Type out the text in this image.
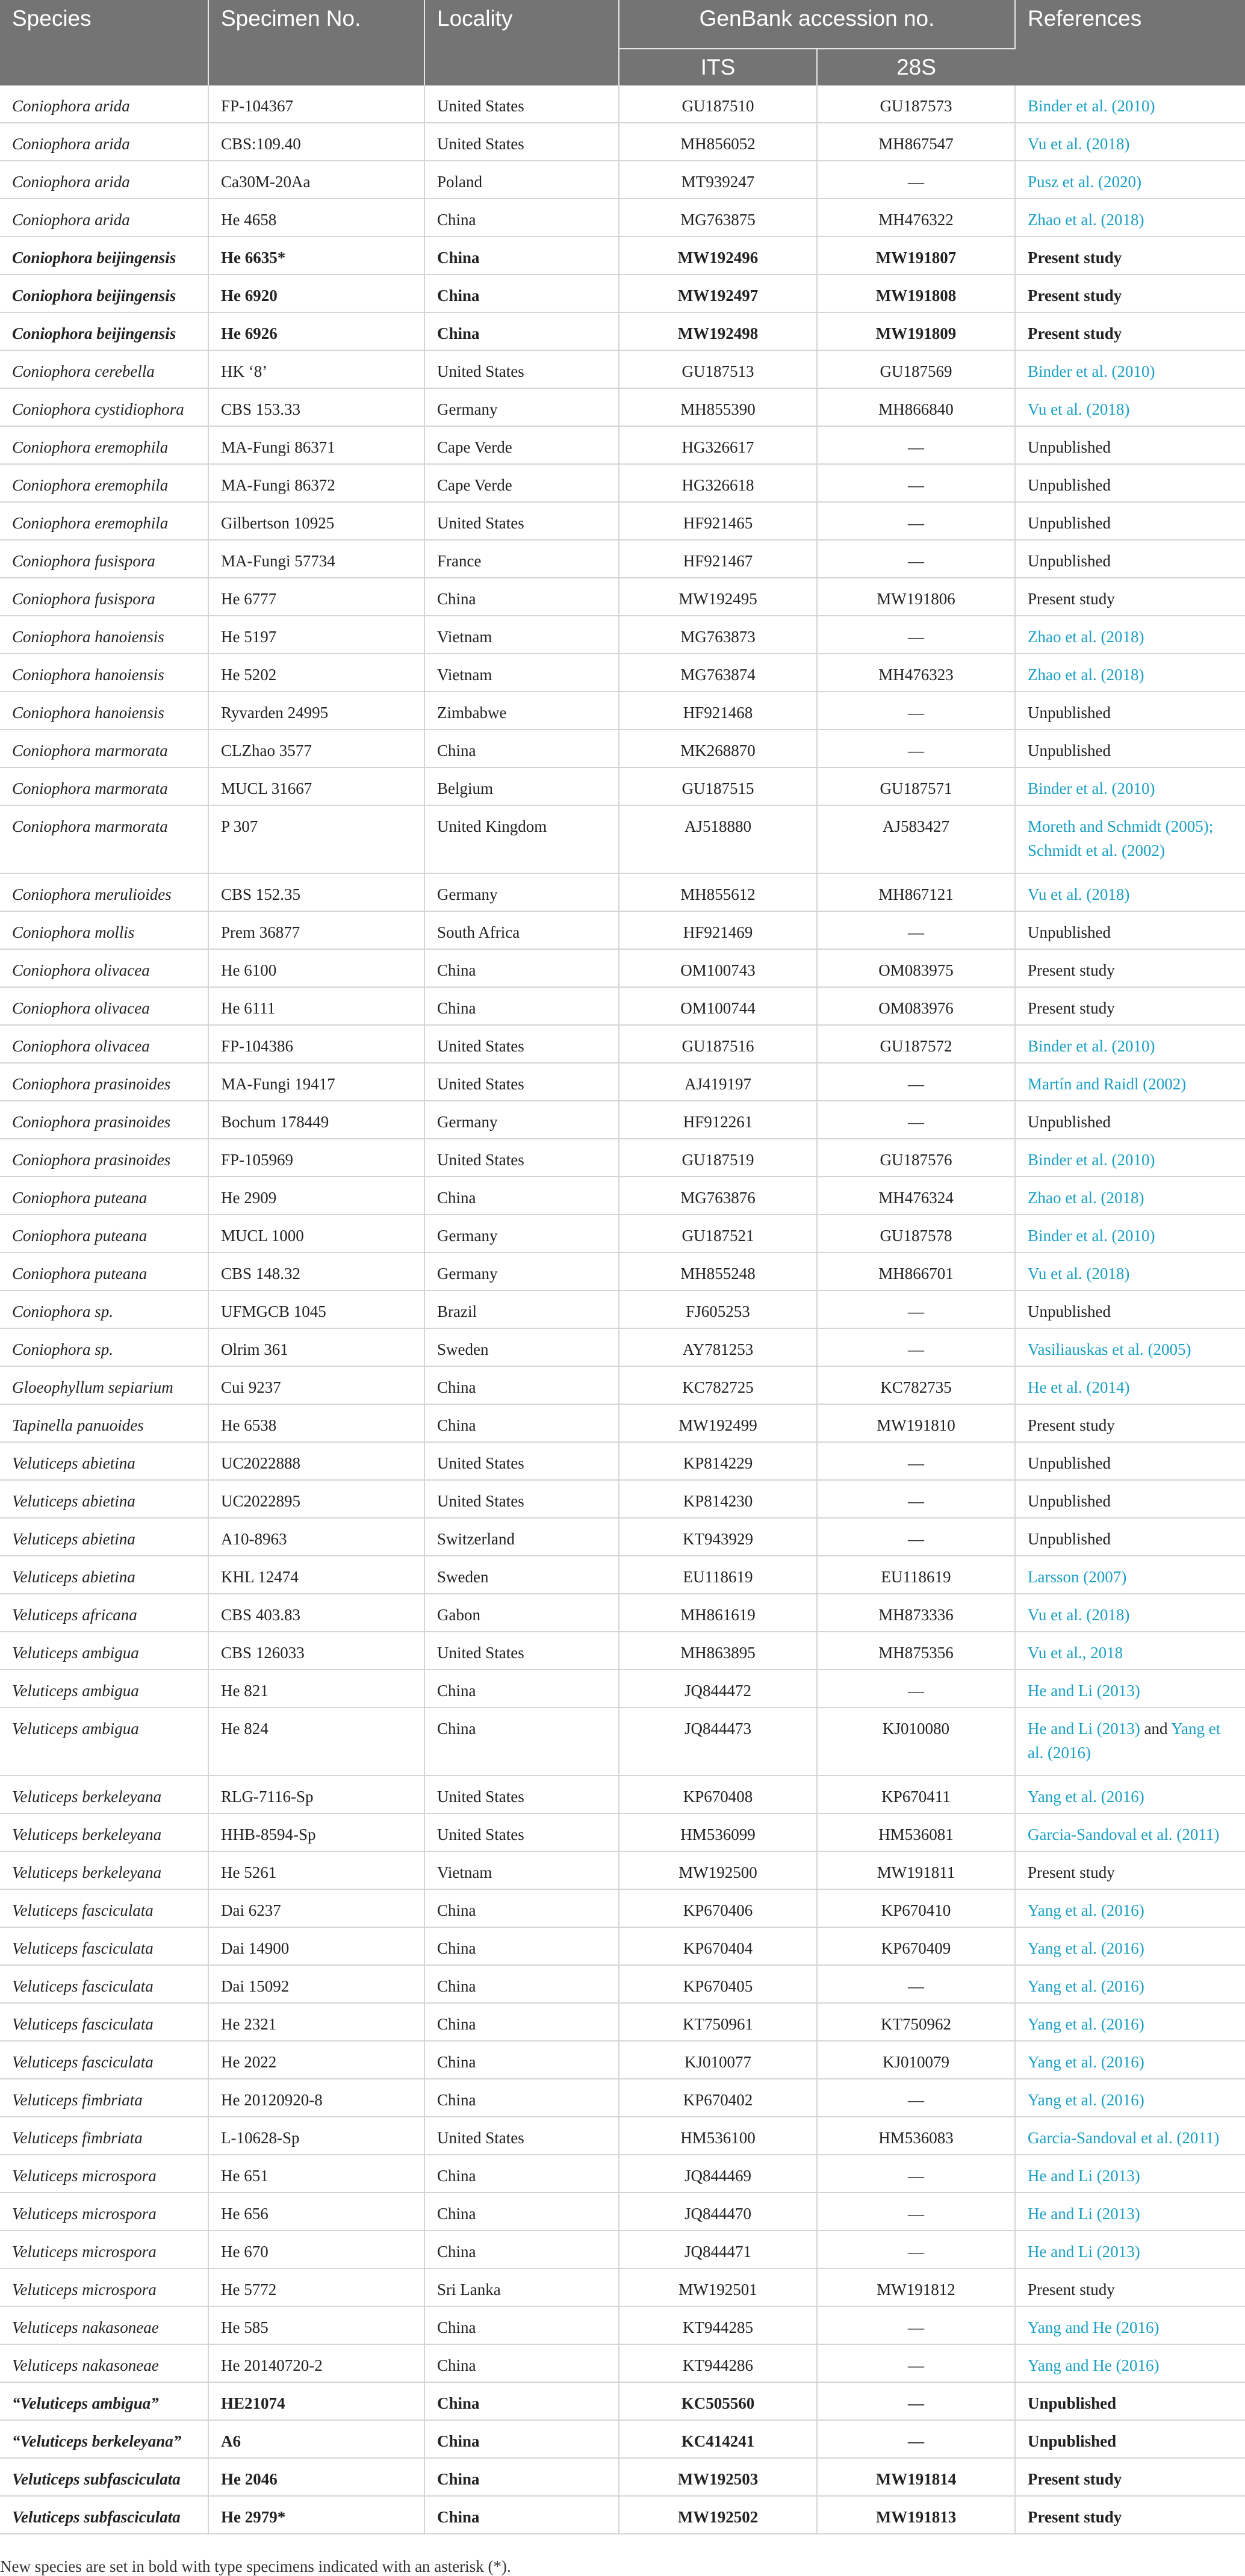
Species	Specimen No.	Locality	GenBank accession no.		References
			ITS	28S	
Coniophora arida	FP-104367	United States	GU187510	GU187573	Binder et al. (2010)
Coniophora arida	CBS:109.40	United States	MH856052	MH867547	Vu et al. (2018)
Coniophora arida	Ca30M-20Aa	Poland	MT939247	—	Pusz et al. (2020)
Coniophora arida	He 4658	China	MG763875	MH476322	Zhao et al. (2018)
Coniophora beijingensis	He 6635*	China	MW192496	MW191807	Present study
Coniophora beijingensis	He 6920	China	MW192497	MW191808	Present study
Coniophora beijingensis	He 6926	China	MW192498	MW191809	Present study
Coniophora cerebella	HK ‘8’	United States	GU187513	GU187569	Binder et al. (2010)
Coniophora cystidiophora	CBS 153.33	Germany	MH855390	MH866840	Vu et al. (2018)
Coniophora eremophila	MA-Fungi 86371	Cape Verde	HG326617	—	Unpublished
Coniophora eremophila	MA-Fungi 86372	Cape Verde	HG326618	—	Unpublished
Coniophora eremophila	Gilbertson 10925	United States	HF921465	—	Unpublished
Coniophora fusispora	MA-Fungi 57734	France	HF921467	—	Unpublished
Coniophora fusispora	He 6777	China	MW192495	MW191806	Present study
Coniophora hanoiensis	He 5197	Vietnam	MG763873	—	Zhao et al. (2018)
Coniophora hanoiensis	He 5202	Vietnam	MG763874	MH476323	Zhao et al. (2018)
Coniophora hanoiensis	Ryvarden 24995	Zimbabwe	HF921468	—	Unpublished
Coniophora marmorata	CLZhao 3577	China	MK268870	—	Unpublished
Coniophora marmorata	MUCL 31667	Belgium	GU187515	GU187571	Binder et al. (2010)
Coniophora marmorata	P 307	United Kingdom	AJ518880	AJ583427	Moreth and Schmidt (2005); Schmidt et al. (2002)
Coniophora merulioides	CBS 152.35	Germany	MH855612	MH867121	Vu et al. (2018)
Coniophora mollis	Prem 36877	South Africa	HF921469	—	Unpublished
Coniophora olivacea	He 6100	China	OM100743	OM083975	Present study
Coniophora olivacea	He 6111	China	OM100744	OM083976	Present study
Coniophora olivacea	FP-104386	United States	GU187516	GU187572	Binder et al. (2010)
Coniophora prasinoides	MA-Fungi 19417	United States	AJ419197	—	Martín and Raidl (2002)
Coniophora prasinoides	Bochum 178449	Germany	HF912261	—	Unpublished
Coniophora prasinoides	FP-105969	United States	GU187519	GU187576	Binder et al. (2010)
Coniophora puteana	He 2909	China	MG763876	MH476324	Zhao et al. (2018)
Coniophora puteana	MUCL 1000	Germany	GU187521	GU187578	Binder et al. (2010)
Coniophora puteana	CBS 148.32	Germany	MH855248	MH866701	Vu et al. (2018)
Coniophora sp.	UFMGCB 1045	Brazil	FJ605253	—	Unpublished
Coniophora sp.	Olrim 361	Sweden	AY781253	—	Vasiliauskas et al. (2005)
Gloeophyllum sepiarium	Cui 9237	China	KC782725	KC782735	He et al. (2014)
Tapinella panuoides	He 6538	China	MW192499	MW191810	Present study
Veluticeps abietina	UC2022888	United States	KP814229	—	Unpublished
Veluticeps abietina	UC2022895	United States	KP814230	—	Unpublished
Veluticeps abietina	A10-8963	Switzerland	KT943929	—	Unpublished
Veluticeps abietina	KHL 12474	Sweden	EU118619	EU118619	Larsson (2007)
Veluticeps africana	CBS 403.83	Gabon	MH861619	MH873336	Vu et al. (2018)
Veluticeps ambigua	CBS 126033	United States	MH863895	MH875356	Vu et al., 2018
Veluticeps ambigua	He 821	China	JQ844472	—	He and Li (2013)
Veluticeps ambigua	He 824	China	JQ844473	KJ010080	He and Li (2013) and Yang et al. (2016)
Veluticeps berkeleyana	RLG-7116-Sp	United States	KP670408	KP670411	Yang et al. (2016)
Veluticeps berkeleyana	HHB-8594-Sp	United States	HM536099	HM536081	Garcia-Sandoval et al. (2011)
Veluticeps berkeleyana	He 5261	Vietnam	MW192500	MW191811	Present study
Veluticeps fasciculata	Dai 6237	China	KP670406	KP670410	Yang et al. (2016)
Veluticeps fasciculata	Dai 14900	China	KP670404	KP670409	Yang et al. (2016)
Veluticeps fasciculata	Dai 15092	China	KP670405	—	Yang et al. (2016)
Veluticeps fasciculata	He 2321	China	KT750961	KT750962	Yang et al. (2016)
Veluticeps fasciculata	He 2022	China	KJ010077	KJ010079	Yang et al. (2016)
Veluticeps fimbriata	He 20120920-8	China	KP670402	—	Yang et al. (2016)
Veluticeps fimbriata	L-10628-Sp	United States	HM536100	HM536083	Garcia-Sandoval et al. (2011)
Veluticeps microspora	He 651	China	JQ844469	—	He and Li (2013)
Veluticeps microspora	He 656	China	JQ844470	—	He and Li (2013)
Veluticeps microspora	He 670	China	JQ844471	—	He and Li (2013)
Veluticeps microspora	He 5772	Sri Lanka	MW192501	MW191812	Present study
Veluticeps nakasoneae	He 585	China	KT944285	—	Yang and He (2016)
Veluticeps nakasoneae	He 20140720-2	China	KT944286	—	Yang and He (2016)
“Veluticeps ambigua”	HE21074	China	KC505560	—	Unpublished
“Veluticeps berkeleyana”	A6	China	KC414241	—	Unpublished
Veluticeps subfasciculata	He 2046	China	MW192503	MW191814	Present study
Veluticeps subfasciculata	He 2979*	China	MW192502	MW191813	Present study
New species are set in bold with type specimens indicated with an asterisk (*).
